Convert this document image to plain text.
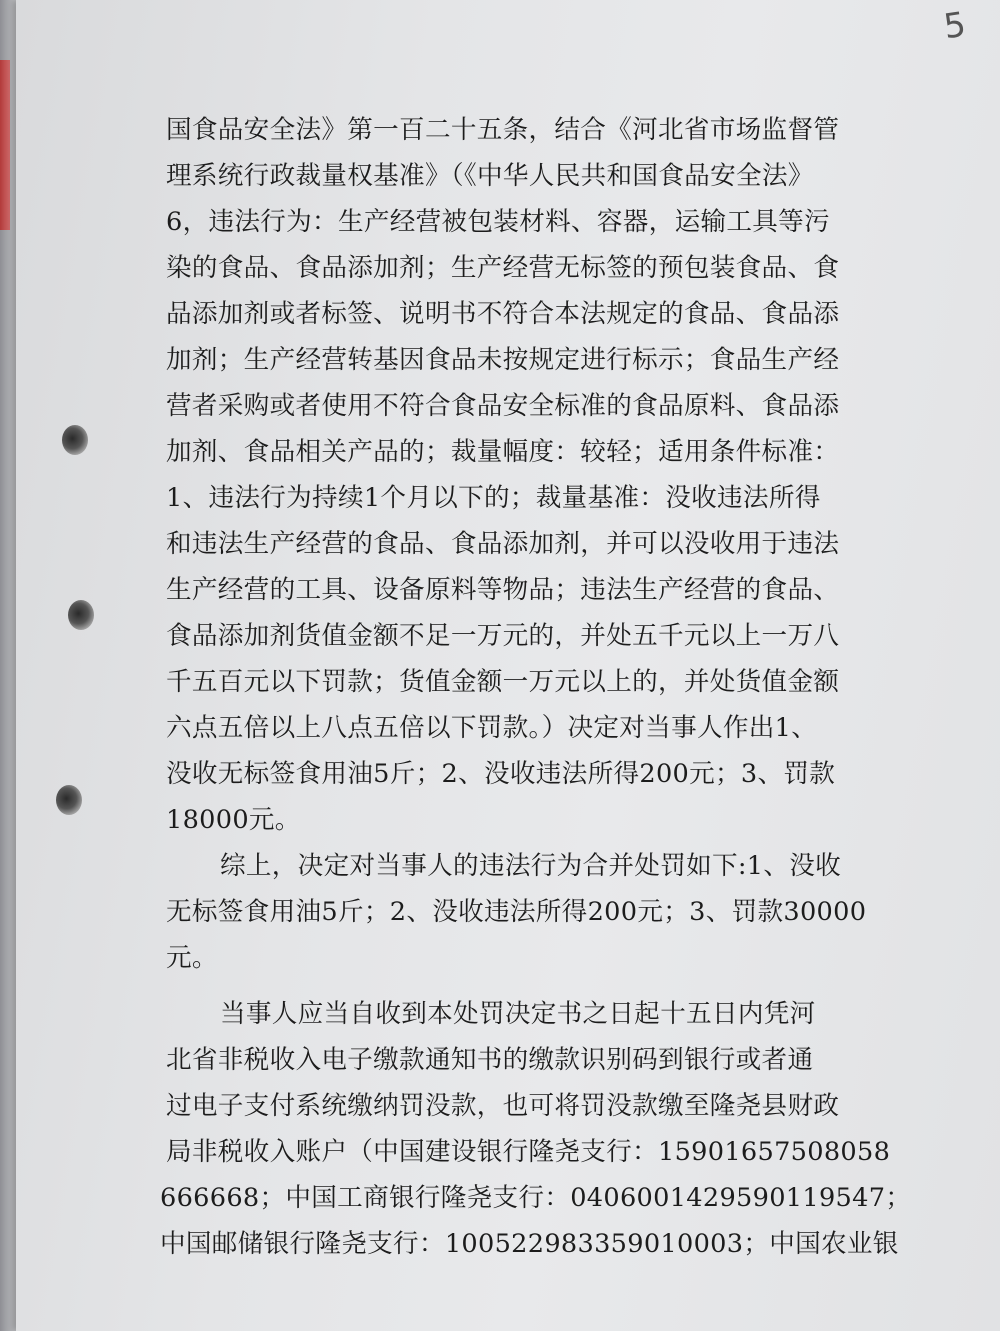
5

国食品安全法》第一百二十五条，结合《河北省市场监督管

理系统行政裁量权基准》（《中华人民共和国食品安全法》

6，违法行为：生产经营被包装材料、容器，运输工具等污

染的食品、食品添加剂；生产经营无标签的预包装食品、食

品添加剂或者标签、说明书不符合本法规定的食品、食品添

加剂；生产经营转基因食品未按规定进行标示；食品生产经

营者采购或者使用不符合食品安全标准的食品原料、食品添

加剂、食品相关产品的；裁量幅度：较轻；适用条件标准：

1、违法行为持续1个月以下的；裁量基准：没收违法所得

和违法生产经营的食品、食品添加剂，并可以没收用于违法

生产经营的工具、设备原料等物品；违法生产经营的食品、

食品添加剂货值金额不足一万元的，并处五千元以上一万八

千五百元以下罚款；货值金额一万元以上的，并处货值金额

六点五倍以上八点五倍以下罚款。）决定对当事人作出1、

没收无标签食用油5斤；2、没收违法所得200元；3、罚款

18000元。

综上，决定对当事人的违法行为合并处罚如下:1、没收

无标签食用油5斤；2、没收违法所得200元；3、罚款30000

元。

当事人应当自收到本处罚决定书之日起十五日内凭河

北省非税收入电子缴款通知书的缴款识别码到银行或者通

过电子支付系统缴纳罚没款，也可将罚没款缴至隆尧县财政

局非税收入账户（中国建设银行隆尧支行：15901657508058

666668；中国工商银行隆尧支行：0406001429590119547；

中国邮储银行隆尧支行：100522983359010003；中国农业银
